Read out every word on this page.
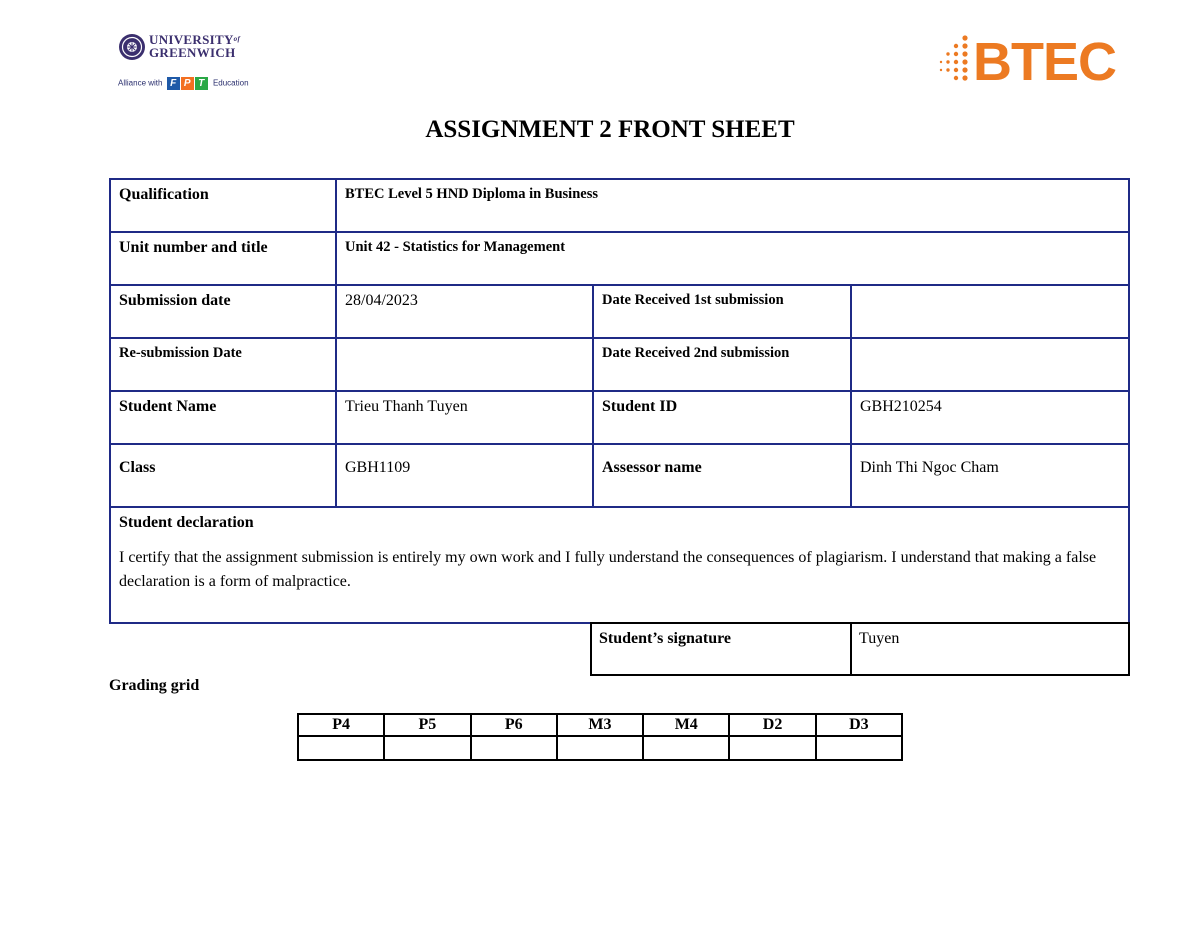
$UNIVERSITY^{of}$
GREENWICH
Alliance with F P T Education	BTEC
ASSIGNMENT 2 FRONT SHEET
Qualification	BTEC Level 5 HND Diploma in Business		
Unit number and title	Unit 42 - Statistics for Management		
Submission date	28/04/2023	Date Received 1st submission	
Re-submission Date		Date Received 2nd submission	
Student Name	Trieu Thanh Tuyen	Student ID	GBH210254
Class	GBH1109	Assessor name	Dinh Thi Ngoc Cham

Student declaration
I certify that the assignment submission is entirely my own work and I fully understand the consequences of plagiarism. I understand that making a false declaration is a form of malpractice.			
Student’s signature	Tuyen
Grading grid
P4	P5	P6	M3	M4	D2	D3
